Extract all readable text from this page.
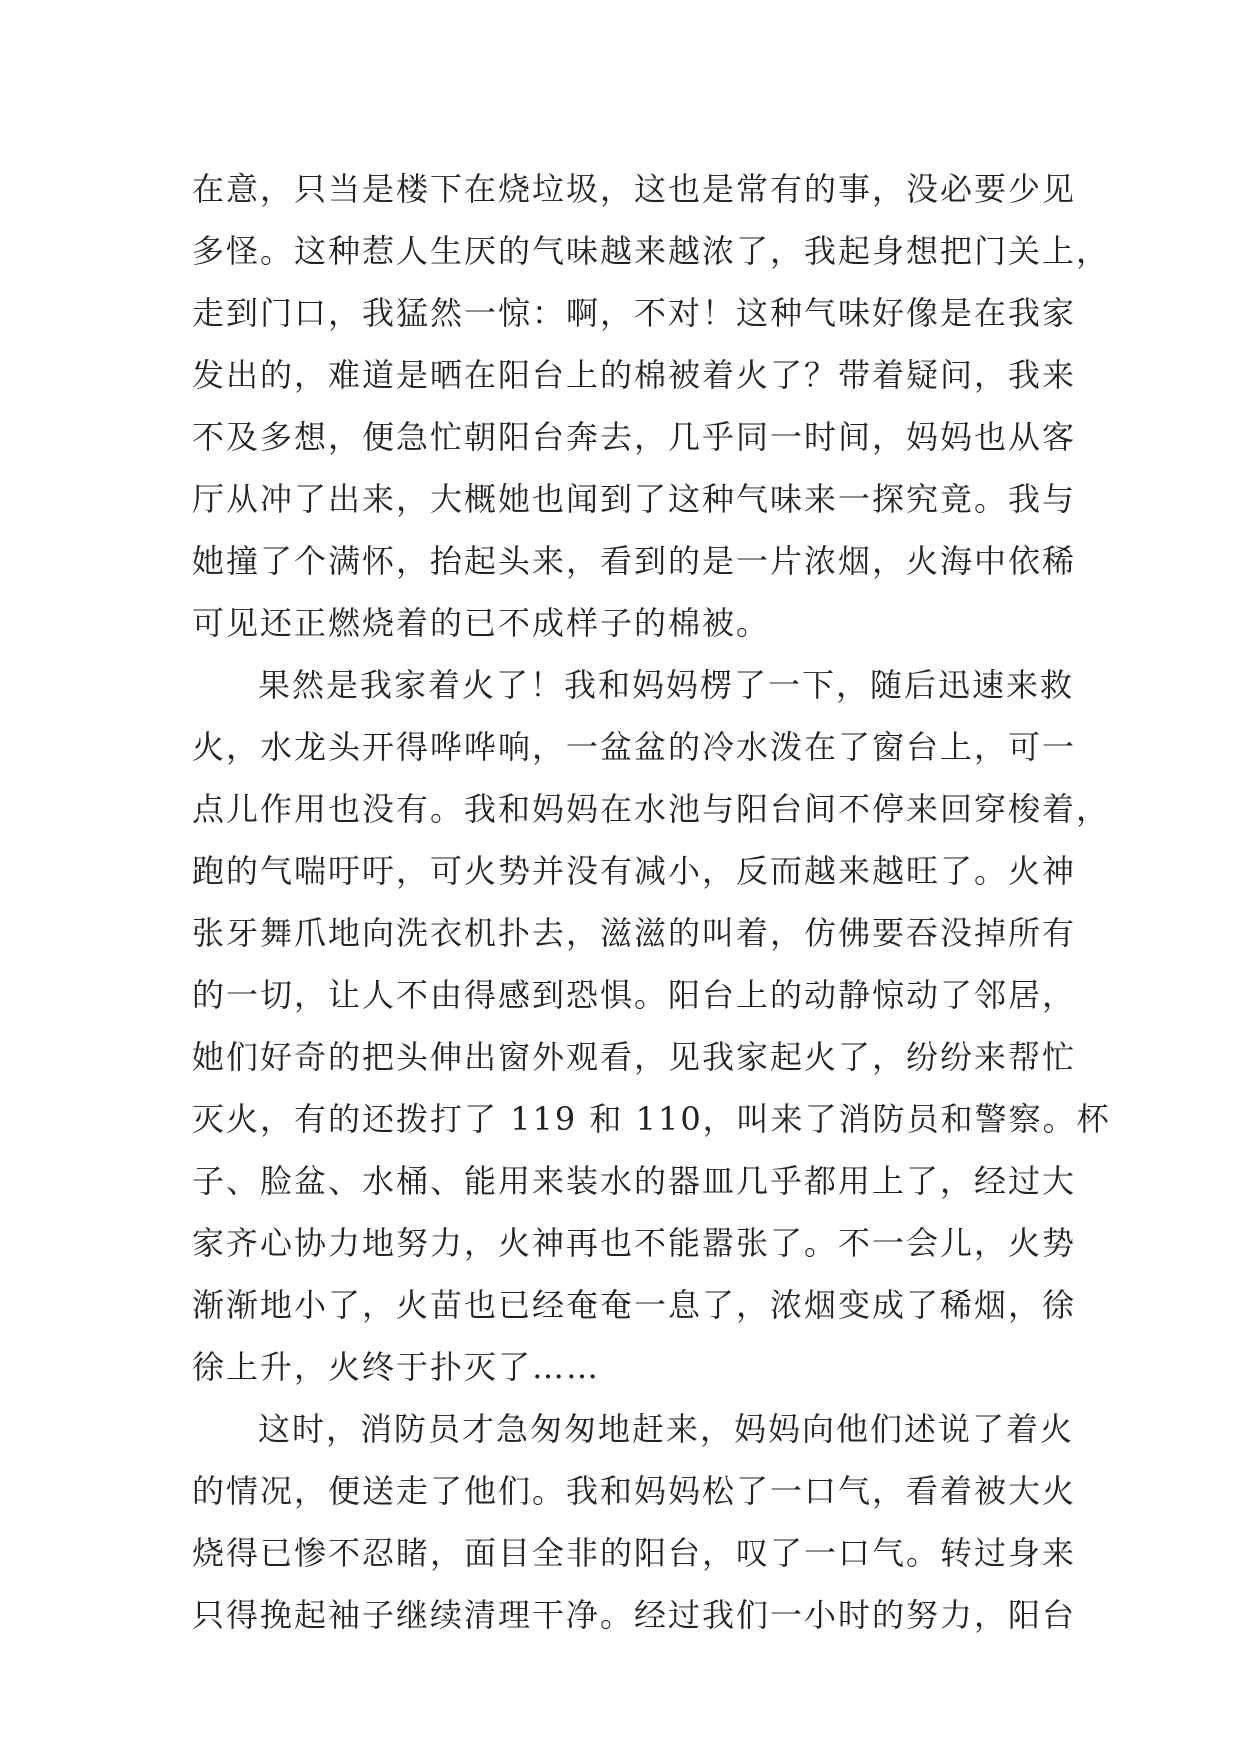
在意，只当是楼下在烧垃圾，这也是常有的事，没必要少见
多怪。这种惹人生厌的气味越来越浓了，我起身想把门关上，
走到门口，我猛然一惊：啊，不对！这种气味好像是在我家
发出的，难道是晒在阳台上的棉被着火了？带着疑问，我来
不及多想，便急忙朝阳台奔去，几乎同一时间，妈妈也从客
厅从冲了出来，大概她也闻到了这种气味来一探究竟。我与
她撞了个满怀，抬起头来，看到的是一片浓烟，火海中依稀
可见还正燃烧着的已不成样子的棉被。
果然是我家着火了！我和妈妈楞了一下，随后迅速来救
火，水龙头开得哗哗响，一盆盆的冷水泼在了窗台上，可一
点儿作用也没有。我和妈妈在水池与阳台间不停来回穿梭着，
跑的气喘吁吁，可火势并没有减小，反而越来越旺了。火神
张牙舞爪地向洗衣机扑去，滋滋的叫着，仿佛要吞没掉所有
的一切，让人不由得感到恐惧。阳台上的动静惊动了邻居，
她们好奇的把头伸出窗外观看，见我家起火了，纷纷来帮忙
灭火，有的还拨打了 119 和 110，叫来了消防员和警察。杯
子、脸盆、水桶、能用来装水的器皿几乎都用上了，经过大
家齐心协力地努力，火神再也不能嚣张了。不一会儿，火势
渐渐地小了，火苗也已经奄奄一息了，浓烟变成了稀烟，徐
徐上升，火终于扑灭了……
这时，消防员才急匆匆地赶来，妈妈向他们述说了着火
的情况，便送走了他们。我和妈妈松了一口气，看着被大火
烧得已惨不忍睹，面目全非的阳台，叹了一口气。转过身来
只得挽起袖子继续清理干净。经过我们一小时的努力，阳台
